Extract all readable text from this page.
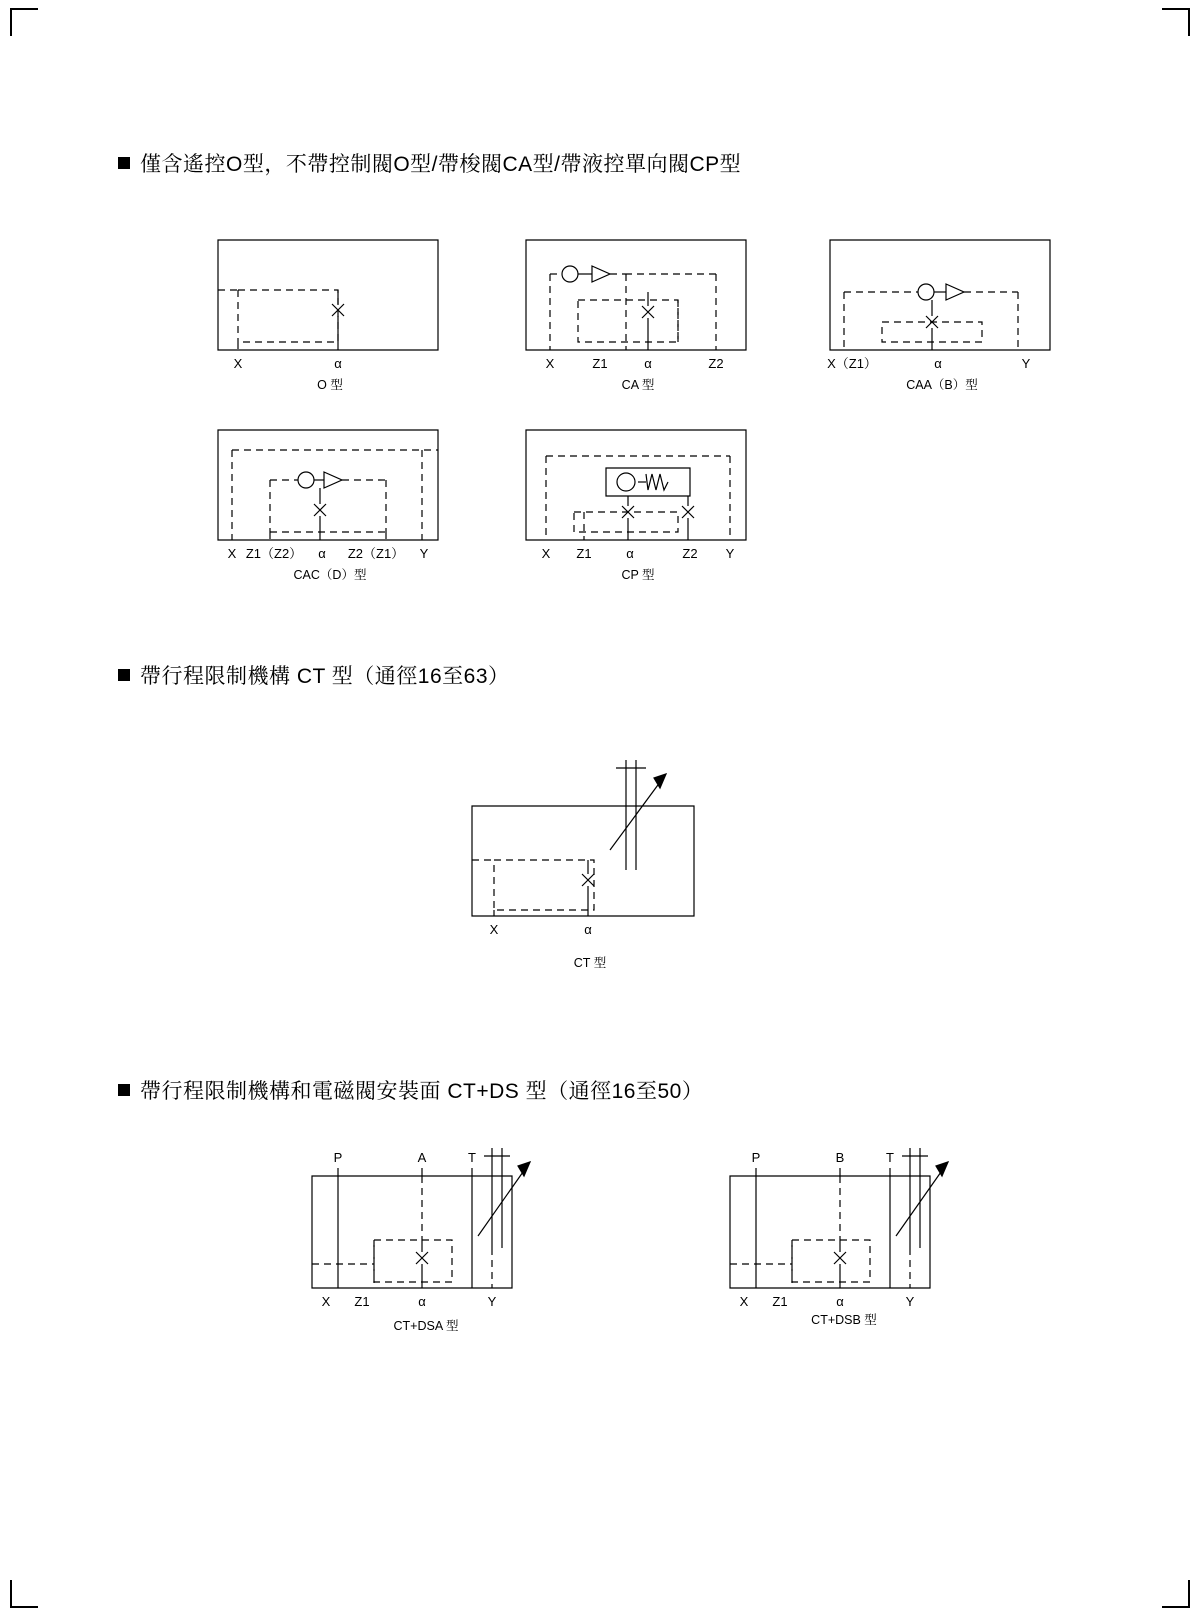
僅含遙控O型，不帶控制閥O型/帶梭閥CA型/帶液控單向閥CP型
X	α
O 型
X	Z1	α	Z2
CA 型
X（Z1）	α	Y
CAA（B）型
X Z1（Z2） α Z2（Z1） Y
CAC（D）型
X Z1	α	Z2 Y
CP 型
帶行程限制機構 CT 型（通徑16至63）
X	α
CT 型
帶行程限制機構和電磁閥安裝面 CT+DS 型（通徑16至50）
P	A	T
X Z1	α	Y
CT+DSA 型
P	B	T
X Z1	α	Y
CT+DSB 型
